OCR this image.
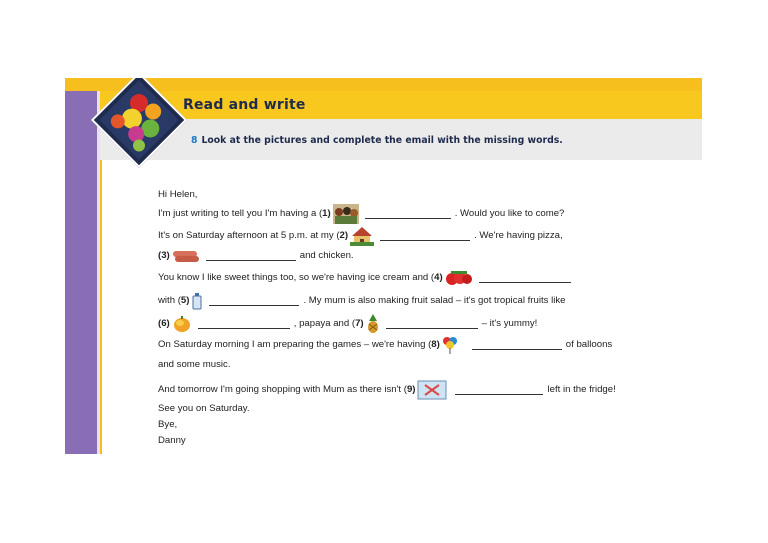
Read and write
8 Look at the pictures and complete the email with the missing words.
Hi Helen,
I'm just writing to tell you I'm having a ( 1)	. Would you like to come?
It's on Saturday afternoon at 5 p.m. at my ( 2)	. We're having pizza,
(3)	and chicken.
You know I like sweet things too, so we're having ice cream and ( 4)
with ( 5)	. My mum is also making fruit salad – it's got tropical fruits like
(6)	, papaya and ( 7)	– it's yummy!
On Saturday morning I am preparing the games – we're having ( 8)	of balloons
and some music.
And tomorrow I'm going shopping with Mum as there isn't ( 9)	left in the fridge!
See you on Saturday.
Bye,
Danny
